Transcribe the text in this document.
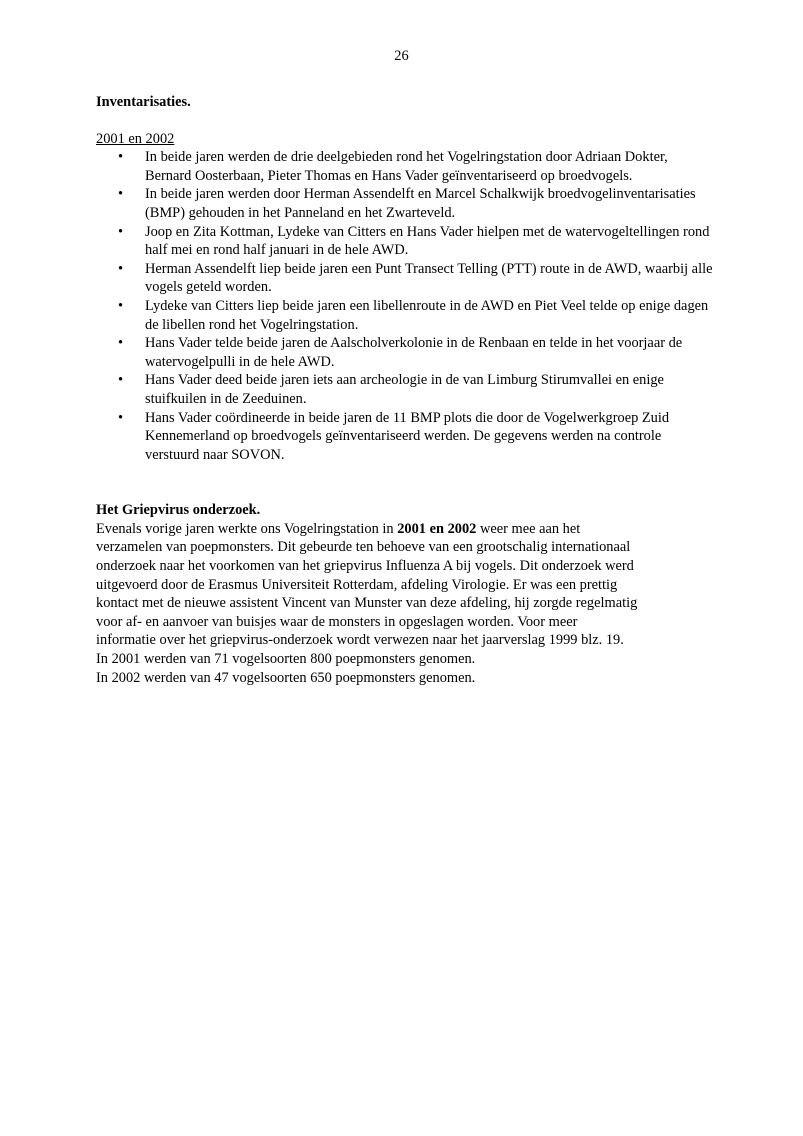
26

Inventarisaties.

2001 en 2002

• In beide jaren werden de drie deelgebieden rond het Vogelringstation door Adriaan Dokter, Bernard Oosterbaan, Pieter Thomas en Hans Vader geïnventariseerd op broedvogels.
• In beide jaren werden door Herman Assendelft en Marcel Schalkwijk broedvogelinventarisaties (BMP) gehouden in het Panneland en het Zwarteveld.
• Joop en Zita Kottman, Lydeke van Citters en Hans Vader hielpen met de watervogeltellingen rond half mei en rond half januari in de hele AWD.
• Herman Assendelft liep beide jaren een Punt Transect Telling (PTT) route in de AWD, waarbij alle vogels geteld worden.
• Lydeke van Citters liep beide jaren een libellenroute in de AWD en Piet Veel telde op enige dagen de libellen rond het Vogelringstation.
• Hans Vader telde beide jaren de Aalscholverkolonie in de Renbaan en telde in het voorjaar de watervogelpulli in de hele AWD.
• Hans Vader deed beide jaren iets aan archeologie in de van Limburg Stirumvallei en enige stuifkuilen in de Zeeduinen.
• Hans Vader coördineerde in beide jaren de 11 BMP plots die door de Vogelwerkgroep Zuid Kennemerland op broedvogels geïnventariseerd werden. De gegevens werden na controle verstuurd naar SOVON.

Het Griepvirus onderzoek.

Evenals vorige jaren werkte ons Vogelringstation in 2001 en 2002 weer mee aan het
verzamelen van poepmonsters. Dit gebeurde ten behoeve van een grootschalig internationaal
onderzoek naar het voorkomen van het griepvirus Influenza A bij vogels. Dit onderzoek werd
uitgevoerd door de Erasmus Universiteit Rotterdam, afdeling Virologie. Er was een prettig
kontact met de nieuwe assistent Vincent van Munster van deze afdeling, hij zorgde regelmatig
voor af- en aanvoer van buisjes waar de monsters in opgeslagen worden. Voor meer
informatie over het griepvirus-onderzoek wordt verwezen naar het jaarverslag 1999 blz. 19.
In 2001 werden van 71 vogelsoorten 800 poepmonsters genomen.
In 2002 werden van 47 vogelsoorten 650 poepmonsters genomen.
